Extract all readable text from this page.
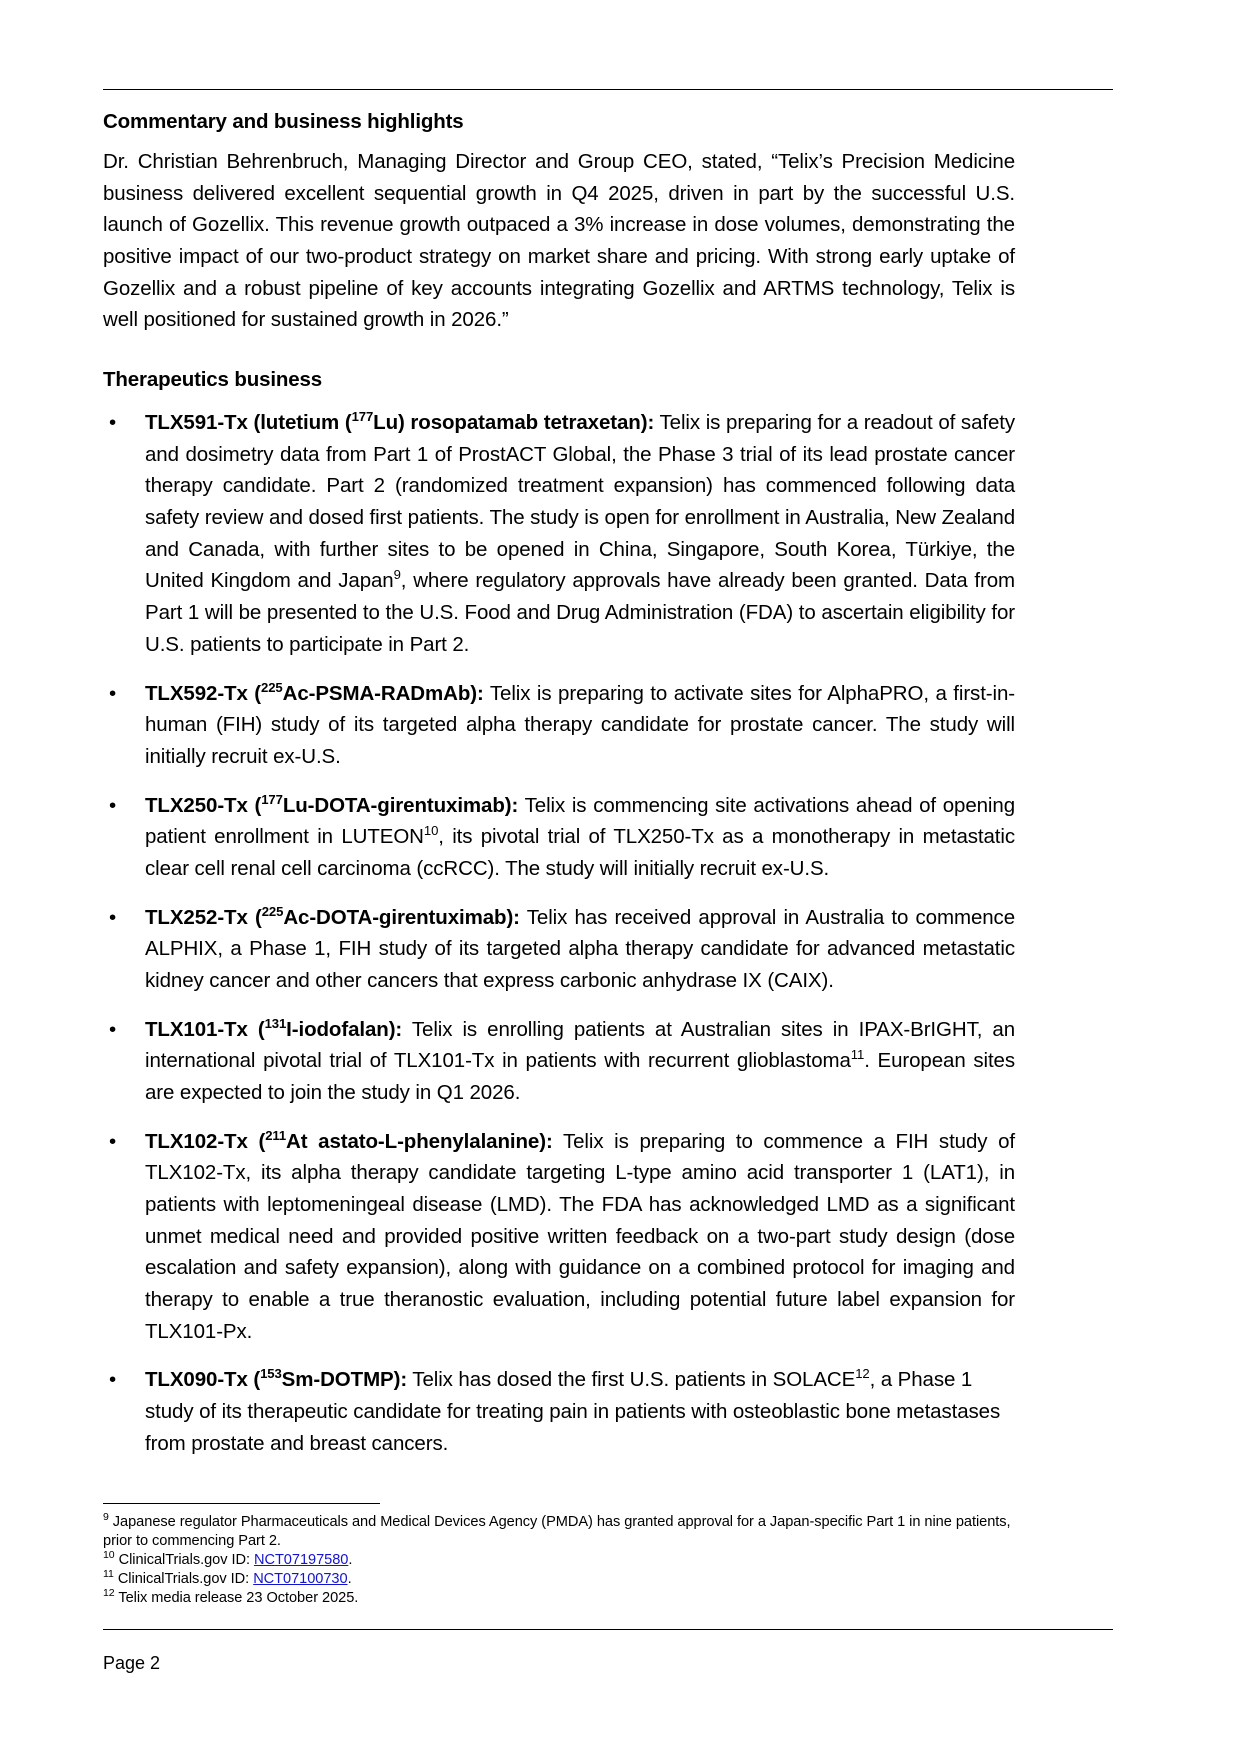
Commentary and business highlights

Dr. Christian Behrenbruch, Managing Director and Group CEO, stated, “Telix’s Precision Medicine business delivered excellent sequential growth in Q4 2025, driven in part by the successful U.S. launch of Gozellix. This revenue growth outpaced a 3% increase in dose volumes, demonstrating the positive impact of our two-product strategy on market share and pricing. With strong early uptake of Gozellix and a robust pipeline of key accounts integrating Gozellix and ARTMS technology, Telix is well positioned for sustained growth in 2026.”

Therapeutics business
• TLX591-Tx (lutetium ($^{177}$Lu) rosopatamab tetraxetan): Telix is preparing for a readout of safety and dosimetry data from Part 1 of ProstACT Global, the Phase 3 trial of its lead prostate cancer therapy candidate. Part 2 (randomized treatment expansion) has commenced following data safety review and dosed first patients. The study is open for enrollment in Australia, New Zealand and Canada, with further sites to be opened in China, Singapore, South Korea, Türkiye, the United Kingdom and Japan$^9$, where regulatory approvals have already been granted. Data from Part 1 will be presented to the U.S. Food and Drug Administration (FDA) to ascertain eligibility for U.S. patients to participate in Part 2.
• TLX592-Tx ($^{225}$Ac-PSMA-RADmAb): Telix is preparing to activate sites for AlphaPRO, a first-in-human (FIH) study of its targeted alpha therapy candidate for prostate cancer. The study will initially recruit ex-U.S.
• TLX250-Tx ($^{177}$Lu-DOTA-girentuximab): Telix is commencing site activations ahead of opening patient enrollment in LUTEON$^{10}$, its pivotal trial of TLX250-Tx as a monotherapy in metastatic clear cell renal cell carcinoma (ccRCC). The study will initially recruit ex-U.S.
• TLX252-Tx ($^{225}$Ac-DOTA-girentuximab): Telix has received approval in Australia to commence ALPHIX, a Phase 1, FIH study of its targeted alpha therapy candidate for advanced metastatic kidney cancer and other cancers that express carbonic anhydrase IX (CAIX).
• TLX101-Tx ($^{131}$I-iodofalan): Telix is enrolling patients at Australian sites in IPAX-BrIGHT, an international pivotal trial of TLX101-Tx in patients with recurrent glioblastoma$^{11}$. European sites are expected to join the study in Q1 2026.
• TLX102-Tx ($^{211}$At astato-L-phenylalanine): Telix is preparing to commence a FIH study of TLX102-Tx, its alpha therapy candidate targeting L-type amino acid transporter 1 (LAT1), in patients with leptomeningeal disease (LMD). The FDA has acknowledged LMD as a significant unmet medical need and provided positive written feedback on a two-part study design (dose escalation and safety expansion), along with guidance on a combined protocol for imaging and therapy to enable a true theranostic evaluation, including potential future label expansion for TLX101-Px.
• TLX090-Tx ($^{153}$Sm-DOTMP): Telix has dosed the first U.S. patients in SOLACE$^{12}$, a Phase 1 study of its therapeutic candidate for treating pain in patients with osteoblastic bone metastases from prostate and breast cancers.

$^9$ Japanese regulator Pharmaceuticals and Medical Devices Agency (PMDA) has granted approval for a Japan-specific Part 1 in nine patients, prior to commencing Part 2.

$^{10}$ ClinicalTrials.gov ID: NCT07197580.

$^{11}$ ClinicalTrials.gov ID: NCT07100730.

$^{12}$ Telix media release 23 October 2025.

Page 2
